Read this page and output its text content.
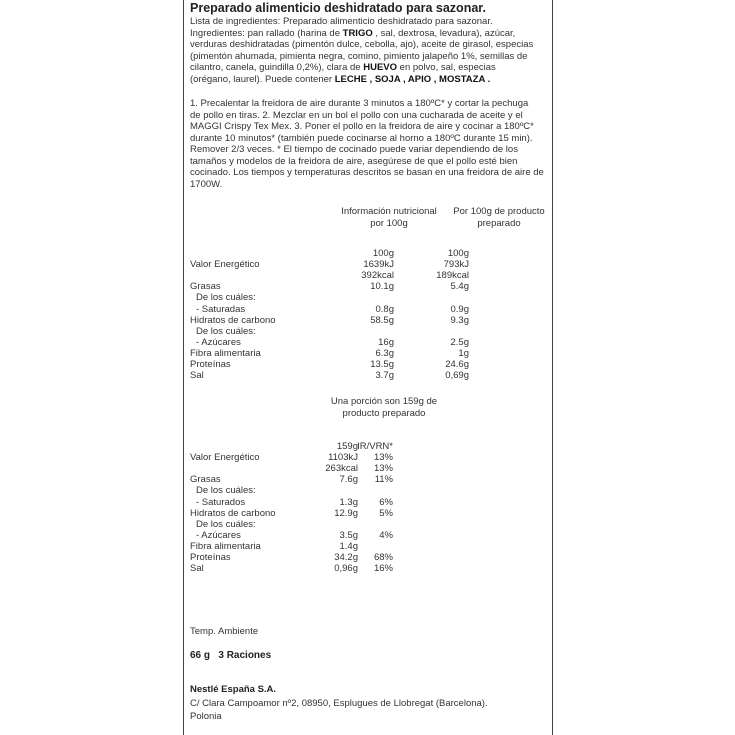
Preparado alimenticio deshidratado para sazonar.
Lista de ingredientes: Preparado alimenticio deshidratado para sazonar.
Ingredientes: pan rallado (harina de TRIGO , sal, dextrosa, levadura), azúcar,
verduras deshidratadas (pimentón dulce, cebolla, ajo), aceite de girasol, especias
(pimentón ahumada, pimienta negra, comino, pimiento jalapeño 1%, semillas de
cilantro, canela, guindilla 0,2%), clara de HUEVO en polvo, sal, especias
(orégano, laurel). Puede contener LECHE , SOJA , APIO , MOSTAZA .
1. Precalentar la freidora de aire durante 3 minutos a 180ºC* y cortar la pechuga
de pollo en tiras. 2. Mezclar en un bol el pollo con una cucharada de aceite y el
MAGGI Crispy Tex Mex. 3. Poner el pollo en la freidora de aire y cocinar a 180ºC*
durante 10 minutos* (también puede cocinarse al horno a 180ºC durante 15 min).
Remover 2/3 veces. * El tiempo de cocinado puede variar dependiendo de los
tamaños y modelos de la freidora de aire, asegúrese de que el pollo esté bien
cocinado. Los tiempos y temperaturas descritos se basan en una freidora de aire de
1700W.
Información nutricional
por 100g
Por 100g de producto
preparado
100g	100g
Valor Energético	1639kJ	793kJ
392kcal	189kcal
Grasas	10.1g	5.4g
De los cuáles:
- Saturadas	0.8g	0.9g
Hidratos de carbono	58.5g	9.3g
De los cuáles:
- Azúcares	16g	2.5g
Fibra alimentaria	6.3g	1g
Proteínas	13.5g	24.6g
Sal	3.7g	0,69g
Una porción son 159g de
producto preparado
159g IR/VRN*
Valor Energético	1103kJ 13%
263kcal 13%
Grasas	7.6g 11%
De los cuáles:
- Saturados	1.3g 6%
Hidratos de carbono	12.9g 5%
De los cuáles:
- Azúcares	3.5g 4%
Fibra alimentaria	1.4g
Proteínas	34.2g 68%
Sal	0,96g 16%
Temp. Ambiente
66 g 3 Raciones
Nestlé España S.A.
C/ Clara Campoamor nº2, 08950, Esplugues de Llobregat (Barcelona).
Polonia
